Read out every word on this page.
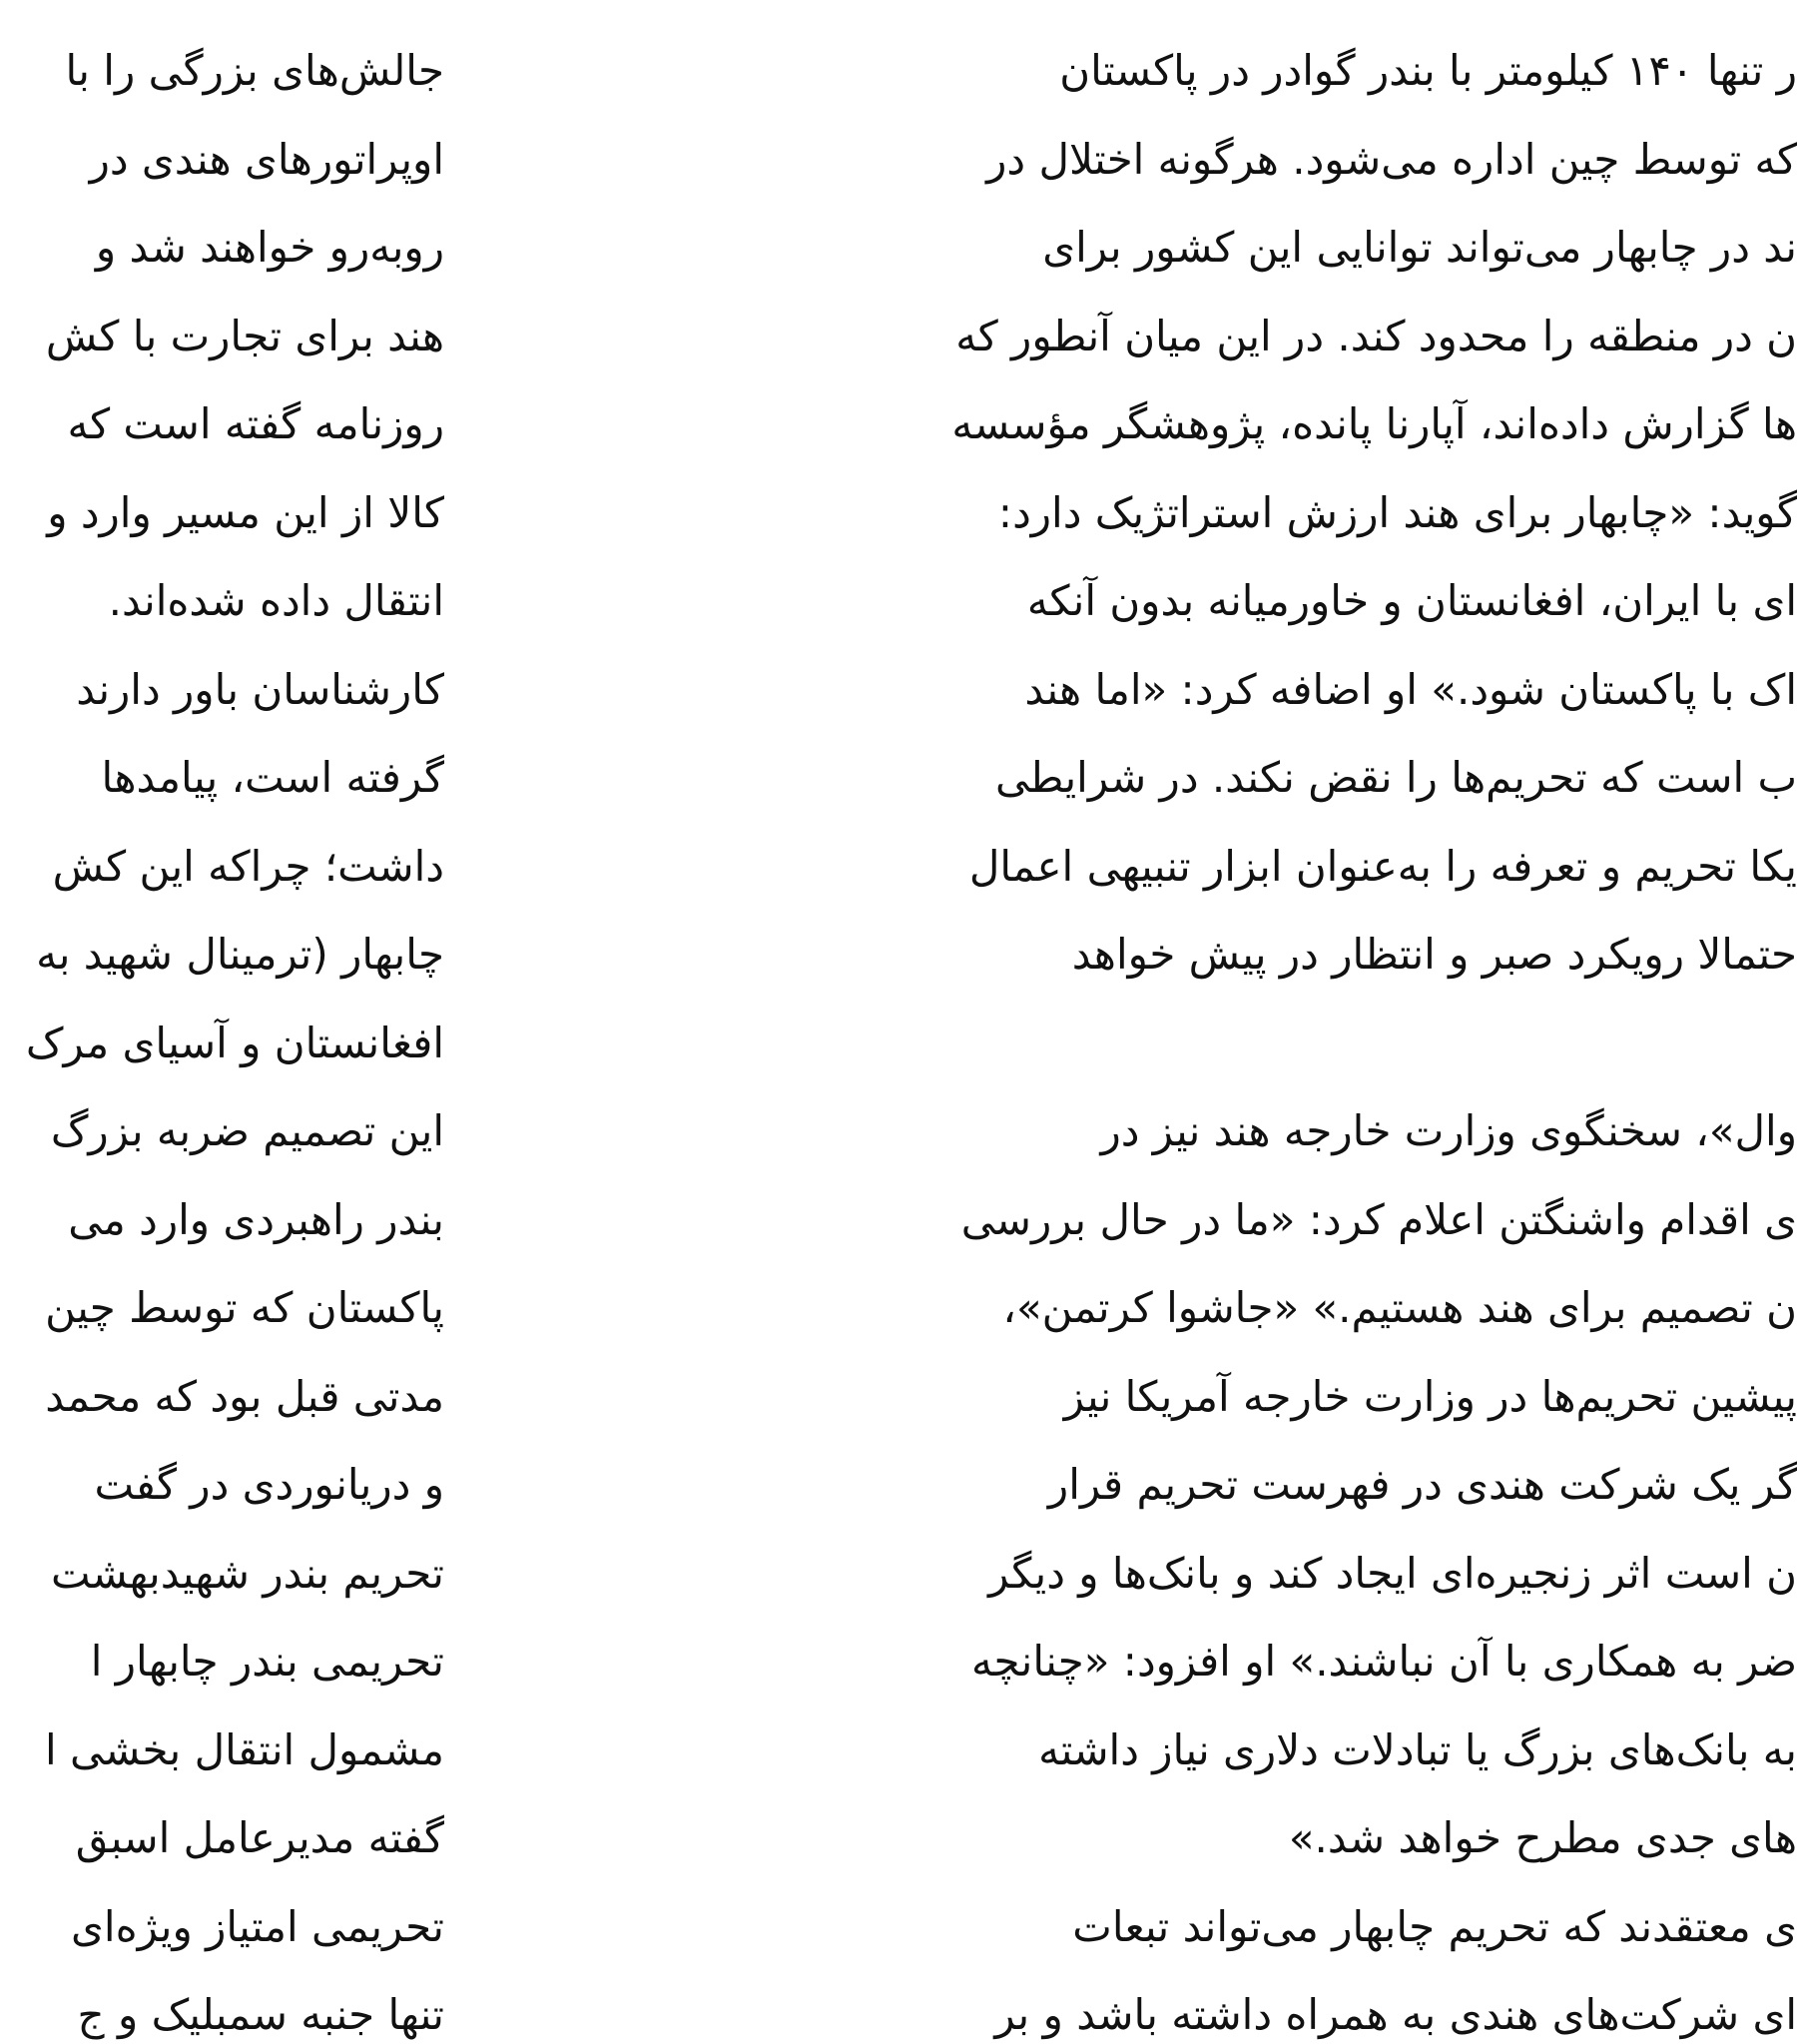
جالش‌های بزرگی را با
اوپراتورهای هندی در
روبه‌رو خواهند شد و
هند برای تجارت با کش
روزنامه گفته است که
کالا از این مسیر وارد و
انتقال داده شده‌اند.
کارشناسان باور دارند
گرفته است، پیامدها
داشت؛ چراکه این کش
چابهار (ترمینال شهید به
افغانستان و آسیای مرک
این تصمیم ضربه بزرگ
بندر راهبردی وارد می
پاکستان که توسط چین
مدتی قبل بود که محمد
و دریانوردی در گفت
تحریم بندر شهیدبهشت
تحریمی بندر چابهار ا
مشمول انتقال بخشی ا
گفته مدیرعامل اسبق
تحریمی امتیاز ویژه‌ای
تنها جنبه سمبلیک و ج
ر تنها ۱۴۰ کیلومتر با بندر گوادر در پاکستان
که توسط چین اداره می‌شود. هرگونه اختلال در
ند در چابهار می‌تواند توانایی این کشور برای
ن در منطقه را محدود کند. در این میان آنطور که
ها گزارش داده‌اند، آپارنا پانده، پژوهشگر مؤسسه
گوید: «چابهار برای هند ارزش استراتژیک دارد:
ای با ایران، افغانستان و خاورمیانه بدون آنکه
اک با پاکستان شود.» او اضافه کرد: «اما هند
ب است که تحریم‌ها را نقض نکند. در شرایطی
یکا تحریم و تعرفه را به‌عنوان ابزار تنبیهی اعمال
حتمالا رویکرد صبر و انتظار در پیش خواهد
وال»، سخنگوی وزارت خارجه هند نیز در
ی اقدام واشنگتن اعلام کرد: «ما در حال بررسی
ن تصمیم برای هند هستیم.» «جاشوا کرتمن»،
پیشین تحریم‌ها در وزارت خارجه آمریکا نیز
گر یک شرکت هندی در فهرست تحریم قرار
ن است اثر زنجیره‌ای ایجاد کند و بانک‌ها و دیگر
ضر به همکاری با آن نباشند.» او افزود: «چنانچه
به بانک‌های بزرگ یا تبادلات دلاری نیاز داشته
های جدی مطرح خواهد شد.»
ی معتقدند که تحریم چابهار می‌تواند تبعات
ای شرکت‌های هندی به همراه داشته باشد و بر
